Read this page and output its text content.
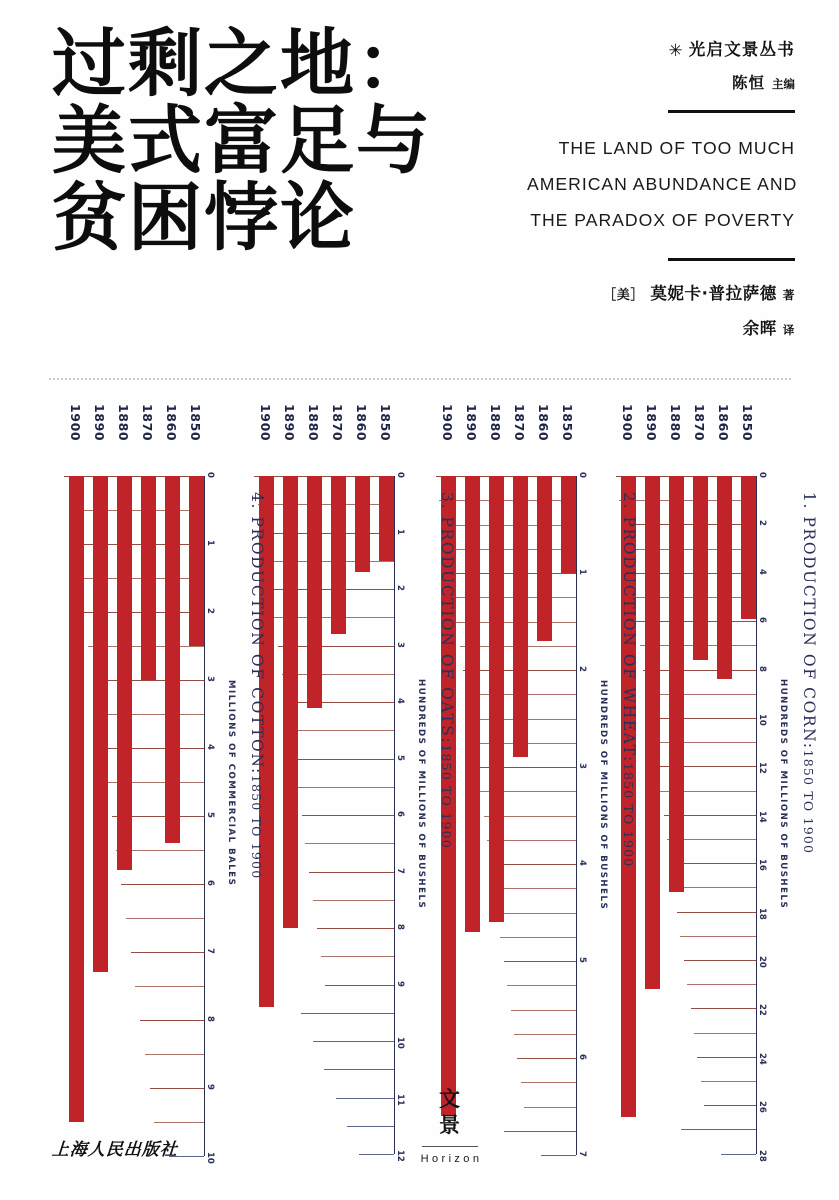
过剩之地：
美式富足与
贫困悖论
✳ 光启文景丛书
陈恒 主编
THE LAND OF TOO MUCH
AMERICAN ABUNDANCE AND
THE PARADOX OF POVERTY
［美］ 莫妮卡·普拉萨德 著
余晖 译
1850
1860
1870
1880
1890
1900
0
2
4
6
8
10
12
14
16
18
20
22
24
26
28
1. PRODUCTION OF CORN:1850 TO 1900
HUNDREDS OF MILLIONS OF BUSHELS
1850
1860
1870
1880
1890
1900
0
1
2
3
4
5
6
7
2. PRODUCTION OF WHEAT:1850 TO 1900
HUNDREDS OF MILLIONS OF BUSHELS
1850
1860
1870
1880
1890
1900
0
1
2
3
4
5
6
7
8
9
10
11
12
3. PRODUCTION OF OATS:1850 TO 1900
HUNDREDS OF MILLIONS OF BUSHELS
1850
1860
1870
1880
1890
1900
0
1
2
3
4
5
6
7
8
9
10
4. PRODUCTION OF COTTON:1850 TO 1900
MILLIONS OF COMMERCIAL BALES
文
景
Horizon
上海人民出版社
